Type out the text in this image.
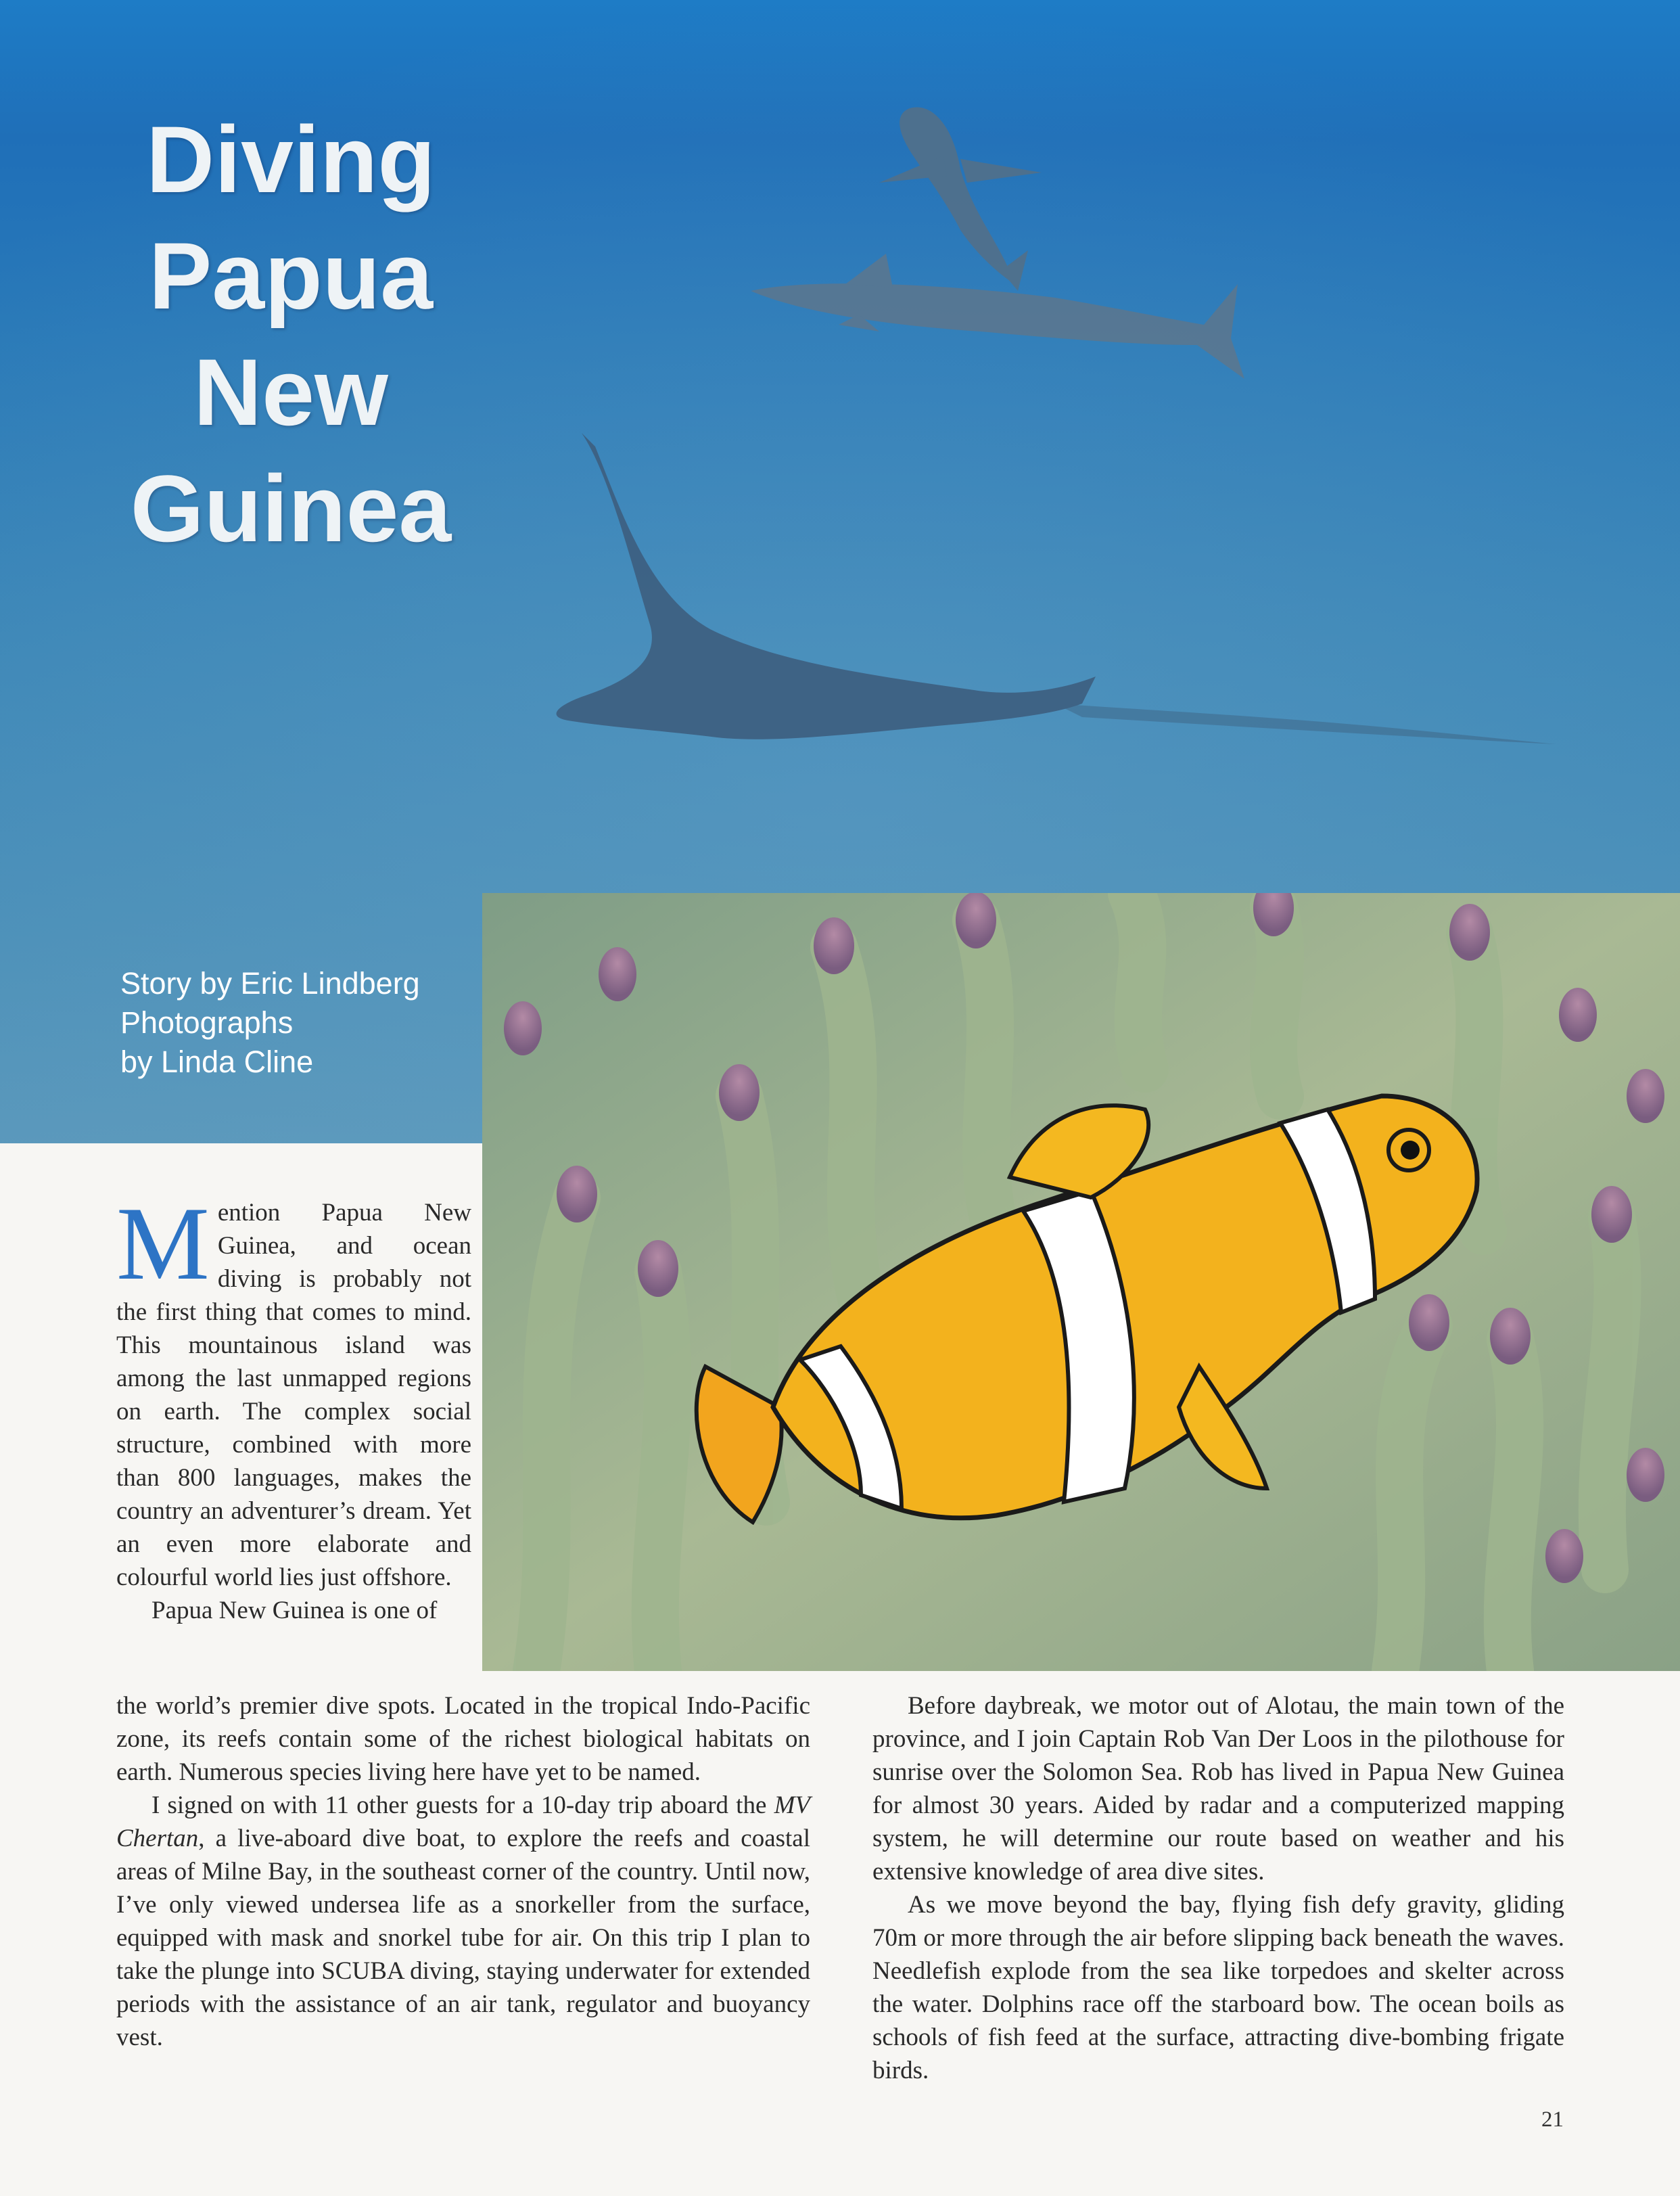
Diving
Papua
New
Guinea
Story by Eric Lindberg
Photographs
by Linda Cline

Mention Papua New Guinea, and ocean diving is probably not the first thing that comes to mind. This mountainous island was among the last unmapped regions on earth. The complex social structure, combined with more than 800 languages, makes the country an adventurer’s dream. Yet an even more elaborate and colourful world lies just offshore.

Papua New Guinea is one of

the world’s premier dive spots. Located in the tropical Indo-Pacific zone, its reefs contain some of the richest biological habitats on earth. Numerous species living here have yet to be named.

I signed on with 11 other guests for a 10-day trip aboard the MV Chertan, a live-aboard dive boat, to explore the reefs and coastal areas of Milne Bay, in the southeast corner of the country. Until now, I’ve only viewed undersea life as a snorkeller from the surface, equipped with mask and snorkel tube for air. On this trip I plan to take the plunge into SCUBA diving, staying underwater for extended periods with the assistance of an air tank, regulator and buoyancy vest.

Before daybreak, we motor out of Alotau, the main town of the province, and I join Captain Rob Van Der Loos in the pilothouse for sunrise over the Solomon Sea. Rob has lived in Papua New Guinea for almost 30 years. Aided by radar and a computerized mapping system, he will determine our route based on weather and his extensive knowledge of area dive sites.

As we move beyond the bay, flying fish defy gravity, gliding 70m or more through the air before slipping back beneath the waves. Needlefish explode from the sea like torpedoes and skelter across the water. Dolphins race off the starboard bow. The ocean boils as schools of fish feed at the surface, attracting dive-bombing frigate birds.

21
